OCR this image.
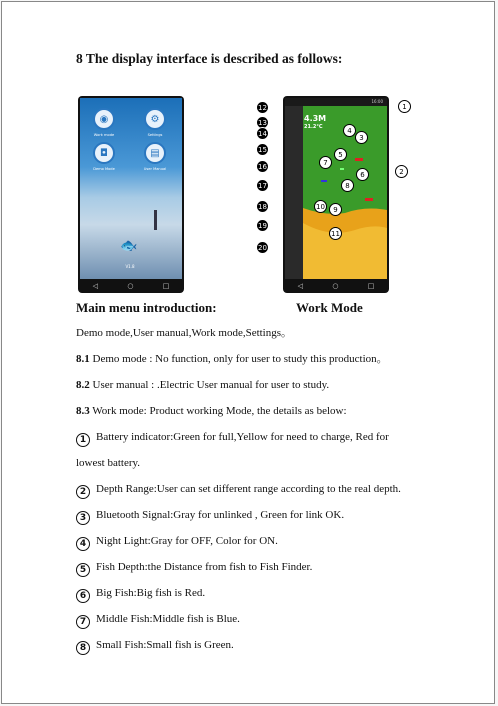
8 The display interface is described as follows:
◉
Work mode
⚙
Settings
◘
Demo Mode
▤
User Manual
🐟
V1.8
◁	○	□
16:00
4.3M
21.2°C
◁	○	□
1
2
3
4
5
6
7
8
9
10
11
12
13
14
15
16
17
18
19
20
Main menu introduction:	Work Mode
Demo mode,User manual,Work mode,Settings。
8.1 Demo mode : No function, only for user to study this production。
8.2 User manual : .Electric User manual for user to study.
8.3 Work mode: Product working Mode, the details as below:
1 Battery indicator:Green for full,Yellow for need to charge, Red for
lowest battery.
2 Depth Range:User can set different range according to the real depth.
3 Bluetooth Signal:Gray for unlinked , Green for link OK.
4 Night Light:Gray for OFF, Color for ON.
5 Fish Depth:the Distance from fish to Fish Finder.
6 Big Fish:Big fish is Red.
7 Middle Fish:Middle fish is Blue.
8 Small Fish:Small fish is Green.
